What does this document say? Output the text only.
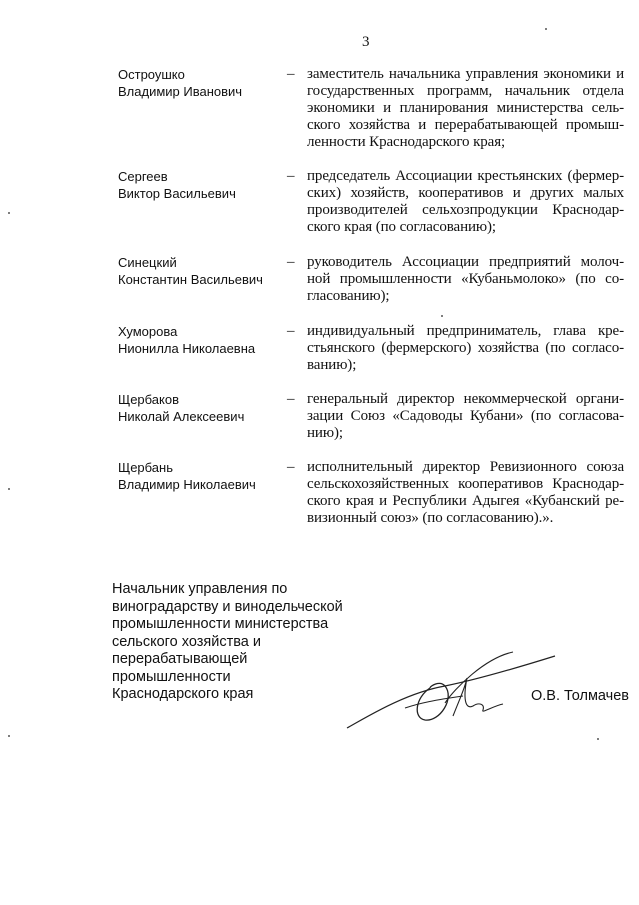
3
Остроушко
Владимир Иванович
– заместитель начальника управления экономики и государственных программ, начальник отдела экономики и планирования министерства сель- ского хозяйства и перерабатывающей промыш- ленности Краснодарского края;
Сергеев
Виктор Васильевич
– председатель Ассоциации крестьянских (фермер- ских) хозяйств, кооперативов и других малых производителей сельхозпродукции Краснодар- ского края (по согласованию);
Синецкий
Константин Васильевич
– руководитель Ассоциации предприятий молоч- ной промышленности «Кубаньмолоко» (по со- гласованию);
Хуморова
Нионилла Николаевна
– индивидуальный предприниматель, глава кре- стьянского (фермерского) хозяйства (по согласо- ванию);
Щербаков
Николай Алексеевич
– генеральный директор некоммерческой органи- зации Союз «Садоводы Кубани» (по согласова- нию);
Щербань
Владимир Николаевич
– исполнительный директор Ревизионного союза сельскохозяйственных кооперативов Краснодар- ского края и Республики Адыгея «Кубанский ре- визионный союз» (по согласованию).».
Начальник управления по
виноградарству и винодельческой
промышленности министерства
сельского хозяйства и
перерабатывающей
промышленности
Краснодарского края	О.В. Толмачев
